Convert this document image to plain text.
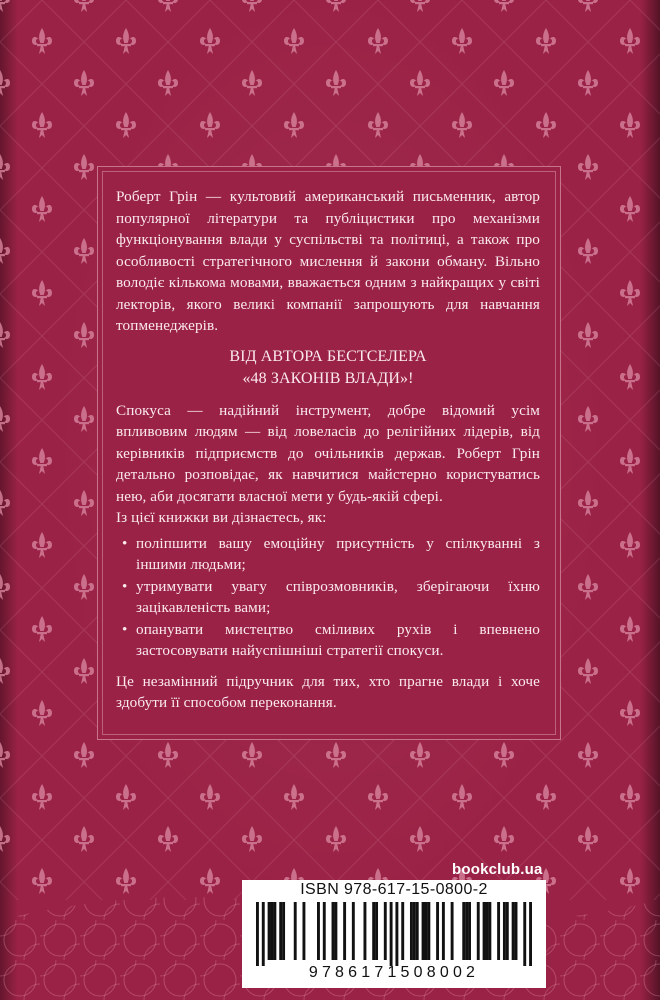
Роберт Грін — культовий американський письменник, автор популярної літератури та публіцистики про механізми функціонування влади у суспільстві та політиці, а також про особливості стратегічного мислення й закони обману. Вільно володіє кількома мовами, вважається одним з найкращих у світі лекторів, якого великі компанії запрошують для навчання топменеджерів.

ВІД АВТОРА БЕСТСЕЛЕРА
«48 ЗАКОНІВ ВЛАДИ»!

Спокуса — надійний інструмент, добре відомий усім впливовим людям — від ловеласів до релігійних лідерів, від керівників підприємств до очільників держав. Роберт Грін детально розповідає, як навчитися майстерно користуватись нею, аби досягати власної мети у будь-якій сфері.

Із цієї книжки ви дізнаєтесь, як:

• поліпшити вашу емоційну присутність у спілкуванні з іншими людьми;
• утримувати увагу співрозмовників, зберігаючи їхню зацікавленість вами;
• опанувати мистецтво сміливих рухів і впевнено застосовувати найуспішніші стратегії спокуси.

Це незамінний підручник для тих, хто прагне влади і хоче здобути її способом переконання.

bookclub.ua
ISBN 978-617-15-0800-2
9786171508002
